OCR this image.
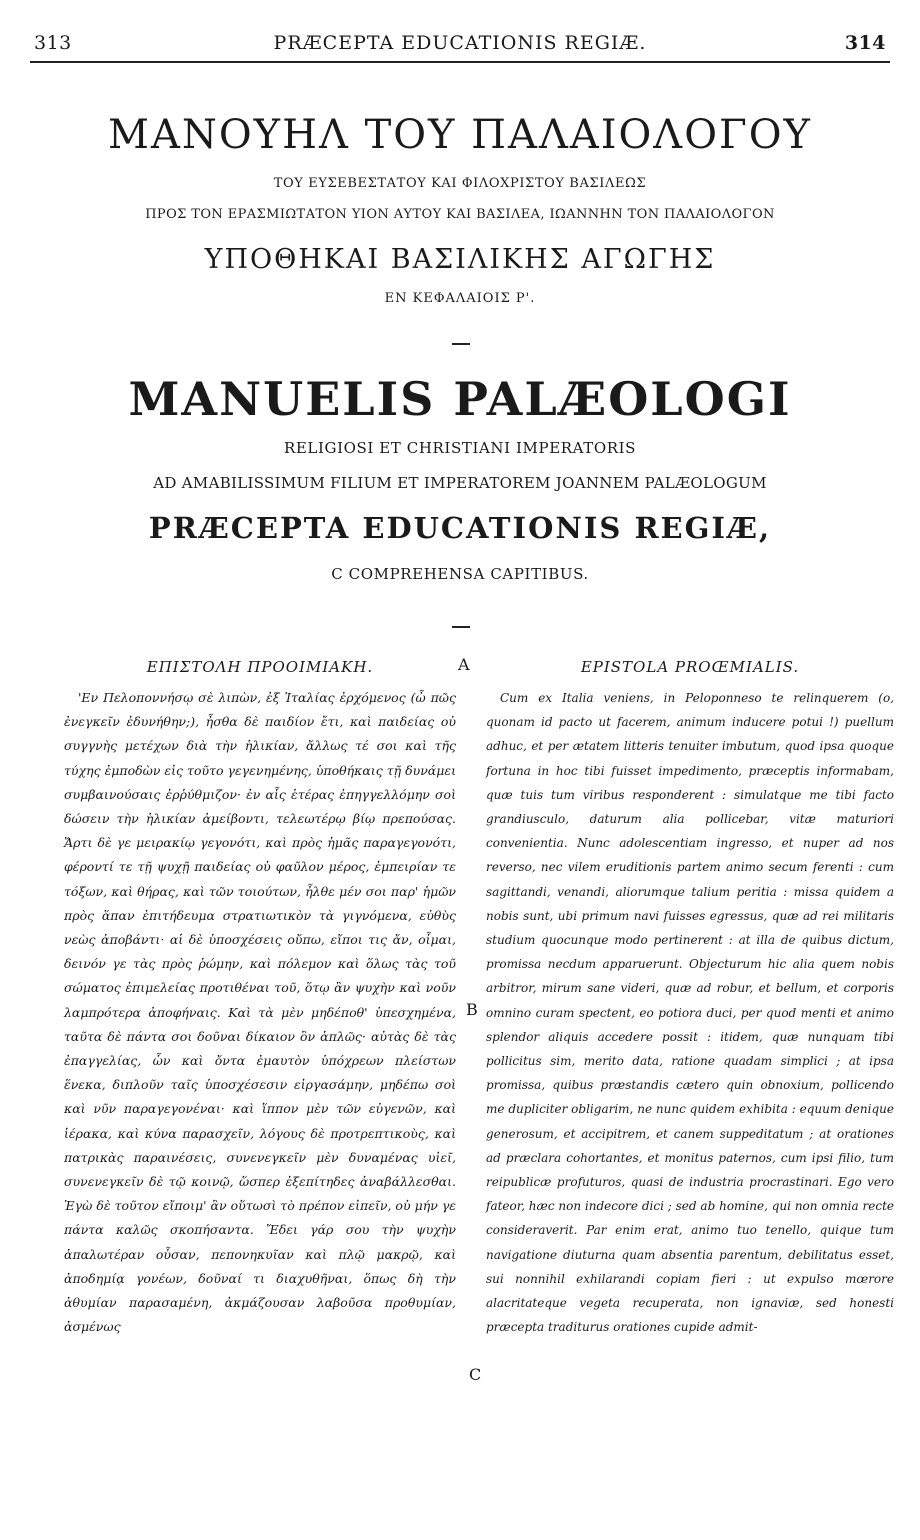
313	PRÆCEPTA EDUCATIONIS REGIÆ.	314
ΜΑΝΟΥΗΛ ΤΟΥ ΠΑΛΑΙΟΛΟΓΟΥ
ΤΟΥ ΕΥΣΕΒΕΣΤΑΤΟΥ ΚΑΙ ΦΙΛΟΧΡΙΣΤΟΥ ΒΑΣΙΛΕΩΣ
ΠΡΟΣ ΤΟΝ ΕΡΑΣΜΙΩΤΑΤΟΝ ΥΙΟΝ ΑΥΤΟΥ ΚΑΙ ΒΑΣΙΛΕΑ, ΙΩΑΝΝΗΝ ΤΟΝ ΠΑΛΑΙΟΛΟΓΟΝ
ΥΠΟΘΗΚΑΙ ΒΑΣΙΛΙΚΗΣ ΑΓΩΓΗΣ
ΕΝ ΚΕΦΑΛΑΙΟΙΣ Ρ'.
MANUELIS PALÆOLOGI
RELIGIOSI ET CHRISTIANI IMPERATORIS
AD AMABILISSIMUM FILIUM ET IMPERATOREM JOANNEM PALÆOLOGUM
PRÆCEPTA EDUCATIONIS REGIÆ,
C COMPREHENSA CAPITIBUS.
ΕΠΙΣΤΟΛΗ ΠΡΟΟΙΜΙΑΚΗ.

'Εν Πελοποννήσῳ σὲ λιπὼν, ἐξ Ἰταλίας ἐρχόμενος (ὦ πῶς ἐνεγκεῖν ἐδυνήθην;), ἦσθα δὲ παιδίον ἔτι, καὶ παιδείας οὐ συγγνὴς μετέχων διὰ τὴν ἡλικίαν, ἄλλως τέ σοι καὶ τῆς τύχης ἐμποδὼν εἰς τοῦτο γεγενημένης, ὑποθήκαις τῇ δυνάμει συμβαινούσαις ἐρῥύθμιζον· ἐν αἷς ἑτέρας ἐπηγγελλόμην σοὶ δώσειν τὴν ἡλικίαν ἀμείβοντι, τελεωτέρῳ βίῳ πρεπούσας. Ἄρτι δὲ γε μειρακίῳ γεγονότι, καὶ πρὸς ἡμᾶς παραγεγονότι, φέροντί τε τῇ ψυχῇ παιδείας οὐ φαῦλον μέρος, ἐμπειρίαν τε τόξων, καὶ θήρας, καὶ τῶν τοιούτων, ἦλθε μέν σοι παρ' ἡμῶν πρὸς ἅπαν ἐπιτήδευμα στρατιωτικὸν τὰ γιγνόμενα, εὐθὺς νεὼς ἀποβάντι· αἱ δὲ ὑποσχέσεις οὔπω, εἴποι τις ἄν, οἶμαι, δεινόν γε τὰς πρὸς ῥώμην, καὶ πόλεμον καὶ ὅλως τὰς τοῦ σώματος ἐπιμελείας προτιθέναι τοῦ, ὅτῳ ἂν ψυχὴν καὶ νοῦν λαμπρότερα ἀποφήναις. Καὶ τὰ μὲν μηδέποθ' ὑπεσχημένα, ταῦτα δὲ πάντα σοι δοῦναι δίκαιον ὂν ἁπλῶς· αὐτὰς δὲ τὰς ἐπαγγελίας, ὧν καὶ ὄντα ἐμαυτὸν ὑπόχρεων πλείστων ἕνεκα, διπλοῦν ταῖς ὑποσχέσεσιν εἰργασάμην, μηδέπω σοὶ καὶ νῦν παραγεγονέναι· καὶ ἵππον μὲν τῶν εὐγενῶν, καὶ ἱέρακα, καὶ κύνα παρασχεῖν, λόγους δὲ προτρεπτικοὺς, καὶ πατρικὰς παραινέσεις, συνενεγκεῖν μὲν δυναμένας υἱεῖ, συνενεγκεῖν δὲ τῷ κοινῷ, ὥσπερ ἐξεπίτηδες ἀναβάλλεσθαι. Ἐγὼ δὲ τοῦτον εἴποιμ' ἂν οὕτωσὶ τὸ πρέπον εἰπεῖν, οὐ μήν γε πάντα καλῶς σκοπήσαντα. Ἔδει γάρ σου τὴν ψυχὴν ἁπαλωτέραν οὖσαν, πεπονηκυῖαν καὶ πλῷ μακρῷ, καὶ ἀποδημίᾳ γονέων, δοῦναί τι διαχυθῆναι, ὅπως δὴ τὴν ἀθυμίαν παρασαμένη, ἀκμάζουσαν λαβοῦσα προθυμίαν, ἀσμένως

EPISTOLA PROŒMIALIS.

Cum ex Italia veniens, in Peloponneso te relinquerem (o, quonam id pacto ut facerem, animum inducere potui !) puellum adhuc, et per ætatem litteris tenuiter imbutum, quod ipsa quoque fortuna in hoc tibi fuisset impedimento, præceptis informabam, quæ tuis tum viribus responderent : simulatque me tibi facto grandiusculo, daturum alia pollicebar, vitæ maturiori convenientia. Nunc adolescentiam ingresso, et nuper ad nos reverso, nec vilem eruditionis partem animo secum ferenti : cum sagittandi, venandi, aliorumque talium peritia : missa quidem a nobis sunt, ubi primum navi fuisses egressus, quæ ad rei militaris studium quocunque modo pertinerent : at illa de quibus dictum, promissa necdum apparuerunt. Objecturum hic alia quem nobis arbitror, mirum sane videri, quæ ad robur, et bellum, et corporis omnino curam spectent, eo potiora duci, per quod menti et animo splendor aliquis accedere possit : itidem, quæ nunquam tibi pollicitus sim, merito data, ratione quadam simplici ; at ipsa promissa, quibus præstandis cætero quin obnoxium, pollicendo me dupliciter obligarim, ne nunc quidem exhibita : equum denique generosum, et accipitrem, et canem suppeditatum ; at orationes ad præclara cohortantes, et monitus paternos, cum ipsi filio, tum reipublicæ profuturos, quasi de industria procrastinari. Ego vero fateor, hæc non indecore dici ; sed ab homine, qui non omnia recte consideraverit. Par enim erat, animo tuo tenello, quique tum navigatione diuturna quam absentia parentum, debilitatus esset, sui nonnihil exhilarandi copiam fieri : ut expulso mœrore alacritateque vegeta recuperata, non ignaviæ, sed honesti præcepta traditurus orationes cupide admit-

A
B
C
